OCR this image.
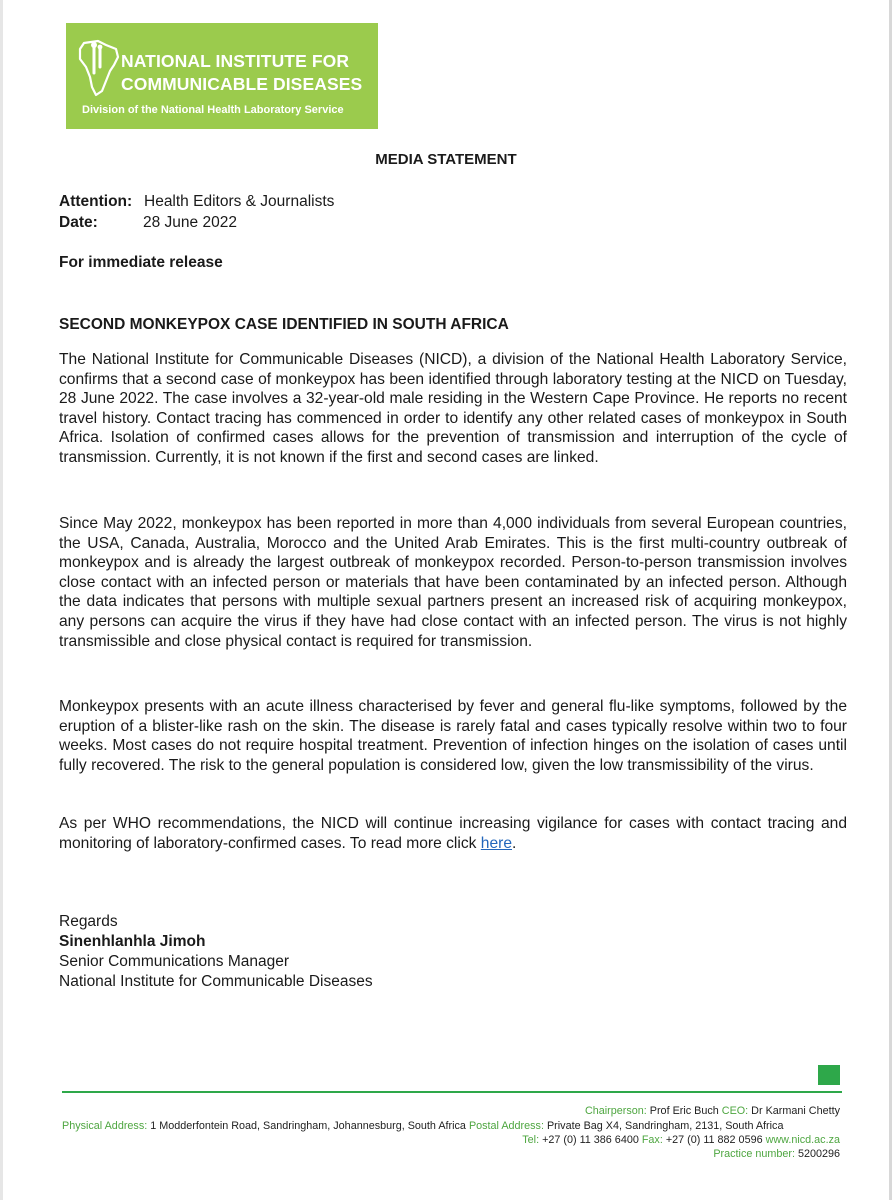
NATIONAL INSTITUTE FOR
COMMUNICABLE DISEASES
Division of the National Health Laboratory Service
MEDIA STATEMENT
Attention: Health Editors & Journalists
Date:	28 June 2022
For immediate release
SECOND MONKEYPOX CASE IDENTIFIED IN SOUTH AFRICA
The National Institute for Communicable Diseases (NICD), a division of the National Health Laboratory Service, confirms that a second case of monkeypox has been identified through laboratory testing at the NICD on Tuesday, 28 June 2022. The case involves a 32-year-old male residing in the Western Cape Province. He reports no recent travel history. Contact tracing has commenced in order to identify any other related cases of monkeypox in South Africa. Isolation of confirmed cases allows for the prevention of transmission and interruption of the cycle of transmission. Currently, it is not known if the first and second cases are linked.
Since May 2022, monkeypox has been reported in more than 4,000 individuals from several European countries, the USA, Canada, Australia, Morocco and the United Arab Emirates. This is the first multi-country outbreak of monkeypox and is already the largest outbreak of monkeypox recorded. Person-to-person transmission involves close contact with an infected person or materials that have been contaminated by an infected person. Although the data indicates that persons with multiple sexual partners present an increased risk of acquiring monkeypox, any persons can acquire the virus if they have had close contact with an infected person. The virus is not highly transmissible and close physical contact is required for transmission.
Monkeypox presents with an acute illness characterised by fever and general flu-like symptoms, followed by the eruption of a blister-like rash on the skin. The disease is rarely fatal and cases typically resolve within two to four weeks. Most cases do not require hospital treatment. Prevention of infection hinges on the isolation of cases until fully recovered. The risk to the general population is considered low, given the low transmissibility of the virus.
As per WHO recommendations, the NICD will continue increasing vigilance for cases with contact tracing and monitoring of laboratory-confirmed cases. To read more click here.
Regards
Sinenhlanhla Jimoh
Senior Communications Manager
National Institute for Communicable Diseases
Chairperson: Prof Eric Buch CEO: Dr Karmani Chetty
Physical Address: 1 Modderfontein Road, Sandringham, Johannesburg, South Africa Postal Address: Private Bag X4, Sandringham, 2131, South Africa
Tel: +27 (0) 11 386 6400 Fax: +27 (0) 11 882 0596 www.nicd.ac.za
Practice number: 5200296
